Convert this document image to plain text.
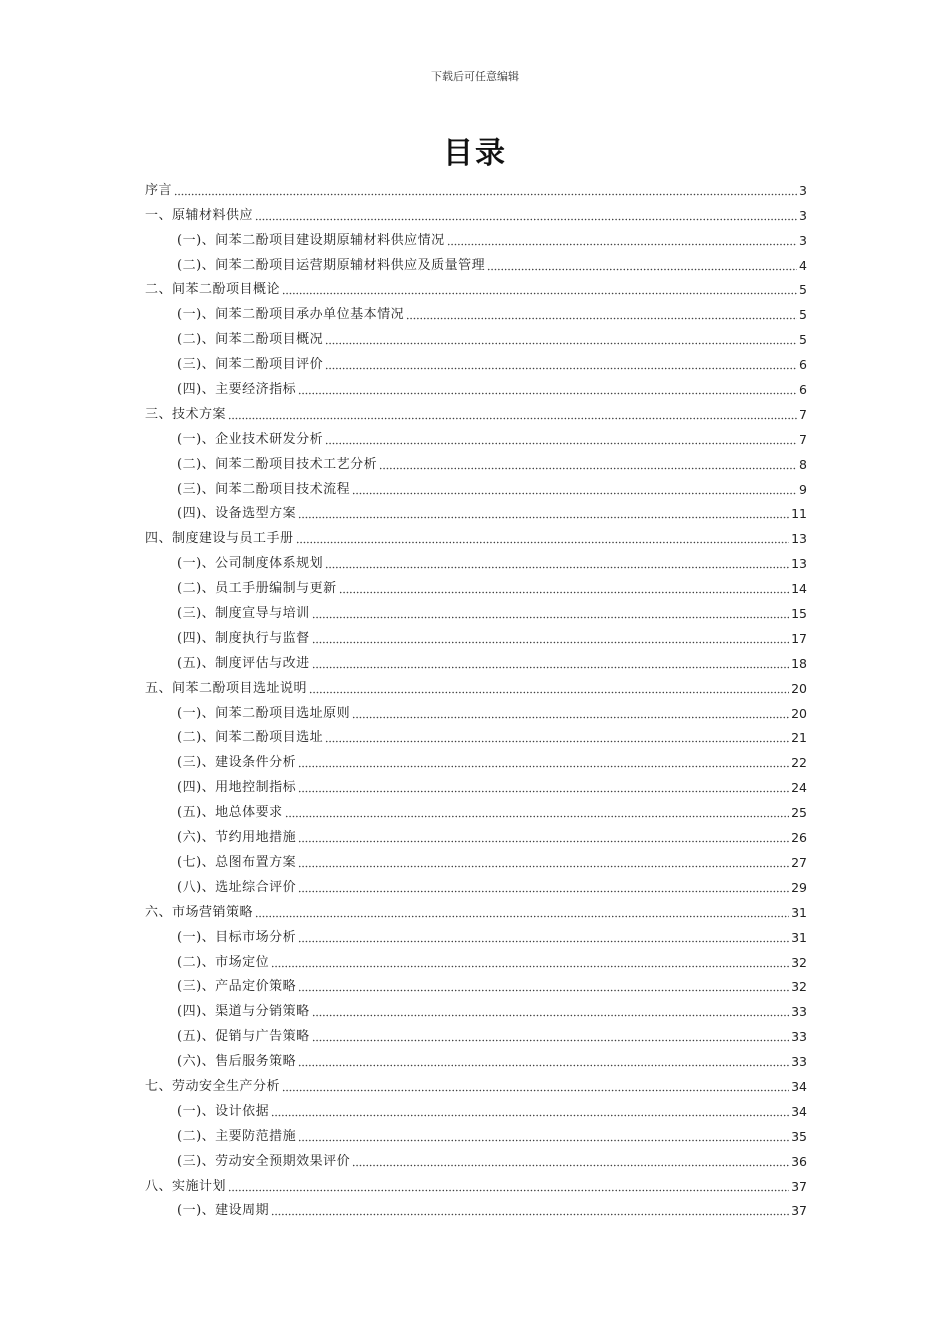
下载后可任意编辑
目录
序言	3
一、原辅材料供应	3
(一)、间苯二酚项目建设期原辅材料供应情况	3
(二)、间苯二酚项目运营期原辅材料供应及质量管理	4
二、间苯二酚项目概论	5
(一)、间苯二酚项目承办单位基本情况	5
(二)、间苯二酚项目概况	5
(三)、间苯二酚项目评价	6
(四)、主要经济指标	6
三、技术方案	7
(一)、企业技术研发分析	7
(二)、间苯二酚项目技术工艺分析	8
(三)、间苯二酚项目技术流程	9
(四)、设备选型方案	11
四、制度建设与员工手册	13
(一)、公司制度体系规划	13
(二)、员工手册编制与更新	14
(三)、制度宣导与培训	15
(四)、制度执行与监督	17
(五)、制度评估与改进	18
五、间苯二酚项目选址说明	20
(一)、间苯二酚项目选址原则	20
(二)、间苯二酚项目选址	21
(三)、建设条件分析	22
(四)、用地控制指标	24
(五)、地总体要求	25
(六)、节约用地措施	26
(七)、总图布置方案	27
(八)、选址综合评价	29
六、市场营销策略	31
(一)、目标市场分析	31
(二)、市场定位	32
(三)、产品定价策略	32
(四)、渠道与分销策略	33
(五)、促销与广告策略	33
(六)、售后服务策略	33
七、劳动安全生产分析	34
(一)、设计依据	34
(二)、主要防范措施	35
(三)、劳动安全预期效果评价	36
八、实施计划	37
(一)、建设周期	37
